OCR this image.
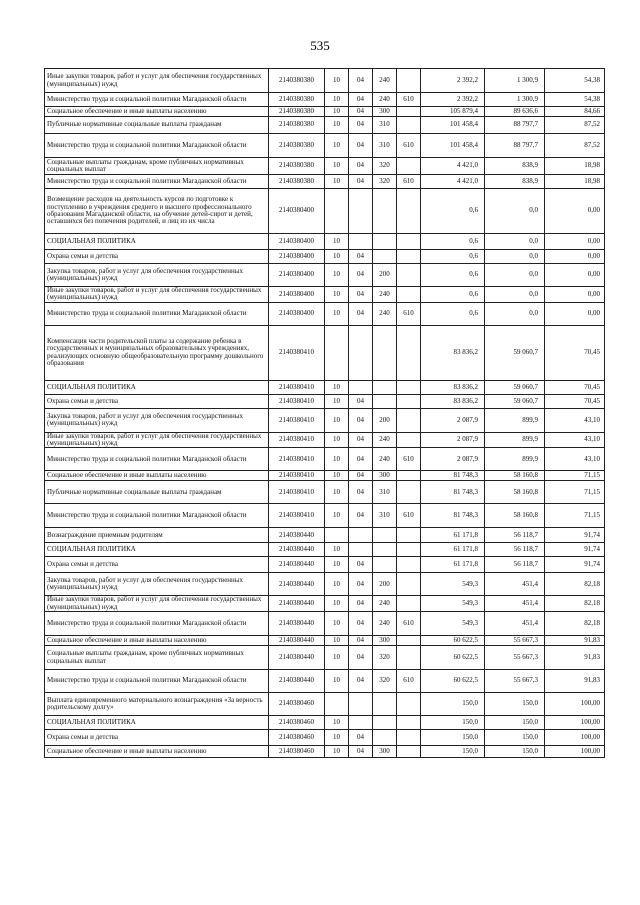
535
Иные закупки товаров, работ и услуг для обеспечения государственных (муниципальных) нужд	2140380380	10	04	240		2 392,2	1 300,9	54,38
Министерство труда и социальной политики Магаданской области	2140380380	10	04	240	610	2 392,2	1 300,9	54,38
Социальное обеспечение и иные выплаты населению	2140380380	10	04	300		105 879,4	89 636,6	84,66
Публичные нормативные социальные выплаты гражданам	2140380380	10	04	310		101 458,4	88 797,7	87,52
Министерство труда и социальной политики Магаданской области	2140380380	10	04	310	610	101 458,4	88 797,7	87,52
Социальные выплаты гражданам, кроме публичных нормативных социальных выплат	2140380380	10	04	320		4 421,0	838,9	18,98
Министерство труда и социальной политики Магаданской области	2140380380	10	04	320	610	4 421,0	838,9	18,98
Возмещение расходов на деятельность курсов по подготовке к поступлению в учреждения среднего и высшего профессионального образования Магаданской области, на обучение детей-сирот и детей, оставшихся без попечения родителей, и лиц из их числа	2140380400					0,6	0,0	0,00
СОЦИАЛЬНАЯ ПОЛИТИКА	2140380400	10				0,6	0,0	0,00
Охрана семьи и детства	2140380400	10	04			0,6	0,0	0,00
Закупка товаров, работ и услуг для обеспечения государственных (муниципальных) нужд	2140380400	10	04	200		0,6	0,0	0,00
Иные закупки товаров, работ и услуг для обеспечения государственных (муниципальных) нужд	2140380400	10	04	240		0,6	0,0	0,00
Министерство труда и социальной политики Магаданской области	2140380400	10	04	240	610	0,6	0,0	0,00
Компенсация части родительской платы за содержание ребенка в государственных и муниципальных образовательных учреждениях, реализующих основную общеобразовательную программу дошкольного образования	2140380410					83 836,2	59 060,7	70,45
СОЦИАЛЬНАЯ ПОЛИТИКА	2140380410	10				83 836,2	59 060,7	70,45
Охрана семьи и детства	2140380410	10	04			83 836,2	59 060,7	70,45
Закупка товаров, работ и услуг для обеспечения государственных (муниципальных) нужд	2140380410	10	04	200		2 087,9	899,9	43,10
Иные закупки товаров, работ и услуг для обеспечения государственных (муниципальных) нужд	2140380410	10	04	240		2 087,9	899,9	43,10
Министерство труда и социальной политики Магаданской области	2140380410	10	04	240	610	2 087,9	899,9	43,10
Социальное обеспечение и иные выплаты населению	2140380410	10	04	300		81 748,3	58 160,8	71,15
Публичные нормативные социальные выплаты гражданам	2140380410	10	04	310		81 748,3	58 160,8	71,15
Министерство труда и социальной политики Магаданской области	2140380410	10	04	310	610	81 748,3	58 160,8	71,15
Вознаграждение приемным родителям	2140380440					61 171,8	56 118,7	91,74
СОЦИАЛЬНАЯ ПОЛИТИКА	2140380440	10				61 171,8	56 118,7	91,74
Охрана семьи и детства	2140380440	10	04			61 171,8	56 118,7	91,74
Закупка товаров, работ и услуг для обеспечения государственных (муниципальных) нужд	2140380440	10	04	200		549,3	451,4	82,18
Иные закупки товаров, работ и услуг для обеспечения государственных (муниципальных) нужд	2140380440	10	04	240		549,3	451,4	82,18
Министерство труда и социальной политики Магаданской области	2140380440	10	04	240	610	549,3	451,4	82,18
Социальное обеспечение и иные выплаты населению	2140380440	10	04	300		60 622,5	55 667,3	91,83
Социальные выплаты гражданам, кроме публичных нормативных социальных выплат	2140380440	10	04	320		60 622,5	55 667,3	91,83
Министерство труда и социальной политики Магаданской области	2140380440	10	04	320	610	60 622,5	55 667,3	91,83
Выплата единовременного материального вознаграждения «За верность родительскому долгу»	2140380460					150,0	150,0	100,00
СОЦИАЛЬНАЯ ПОЛИТИКА	2140380460	10				150,0	150,0	100,00
Охрана семьи и детства	2140380460	10	04			150,0	150,0	100,00
Социальное обеспечение и иные выплаты населению	2140380460	10	04	300		150,0	150,0	100,00
